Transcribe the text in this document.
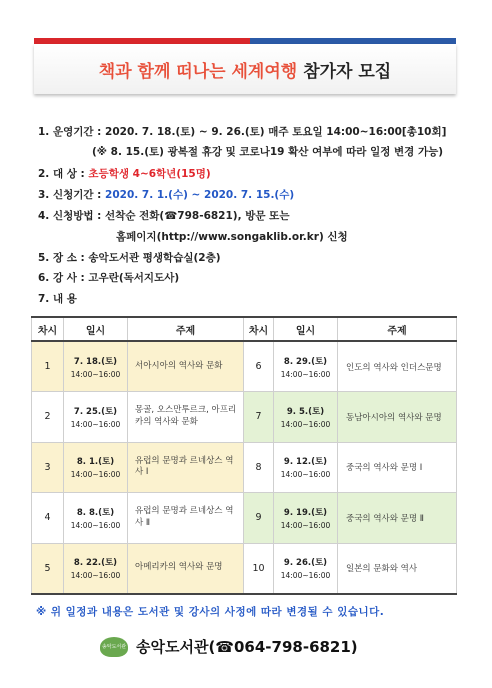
책과 함께 떠나는 세계여행 참가자 모집
1. 운영기간 : 2020. 7. 18.(토) ~ 9. 26.(토) 매주 토요일 14:00~16:00[총10회]
(※ 8. 15.(토) 광복절 휴강 및 코로나19 확산 여부에 따라 일정 변경 가능)
2. 대 상 : 초등학생 4~6학년(15명)
3. 신청기간 : 2020. 7. 1.(수) ~ 2020. 7. 15.(수)
4. 신청방법 : 선착순 전화(☎798-6821), 방문 또는
홈페이지(http://www.songaklib.or.kr) 신청
5. 장 소 : 송악도서관 평생학습실(2층)
6. 강 사 : 고우란(독서지도사)
7. 내 용
차시	일시	주제	차시	일시	주제
1	7. 18.(토)
14:00~16:00	서아시아의 역사와 문화	6	8. 29.(토)
14:00~16:00	인도의 역사와 인더스문명
2	7. 25.(토)
14:00~16:00	몽골, 오스만투르크, 아프리카의 역사와 문화	7	9. 5.(토)
14:00~16:00	동남아시아의 역사와 문명
3	8. 1.(토)
14:00~16:00	유럽의 문명과 르네상스 역사 Ⅰ	8	9. 12.(토)
14:00~16:00	중국의 역사와 문명 Ⅰ
4	8. 8.(토)
14:00~16:00	유럽의 문명과 르네상스 역사 Ⅱ	9	9. 19.(토)
14:00~16:00	중국의 역사와 문명 Ⅱ
5	8. 22.(토)
14:00~16:00	아메리카의 역사와 문명	10	9. 26.(토)
14:00~16:00	일본의 문화와 역사
※ 위 일정과 내용은 도서관 및 강사의 사정에 따라 변경될 수 있습니다.
송악도서관 송악도서관(☎064-798-6821)
